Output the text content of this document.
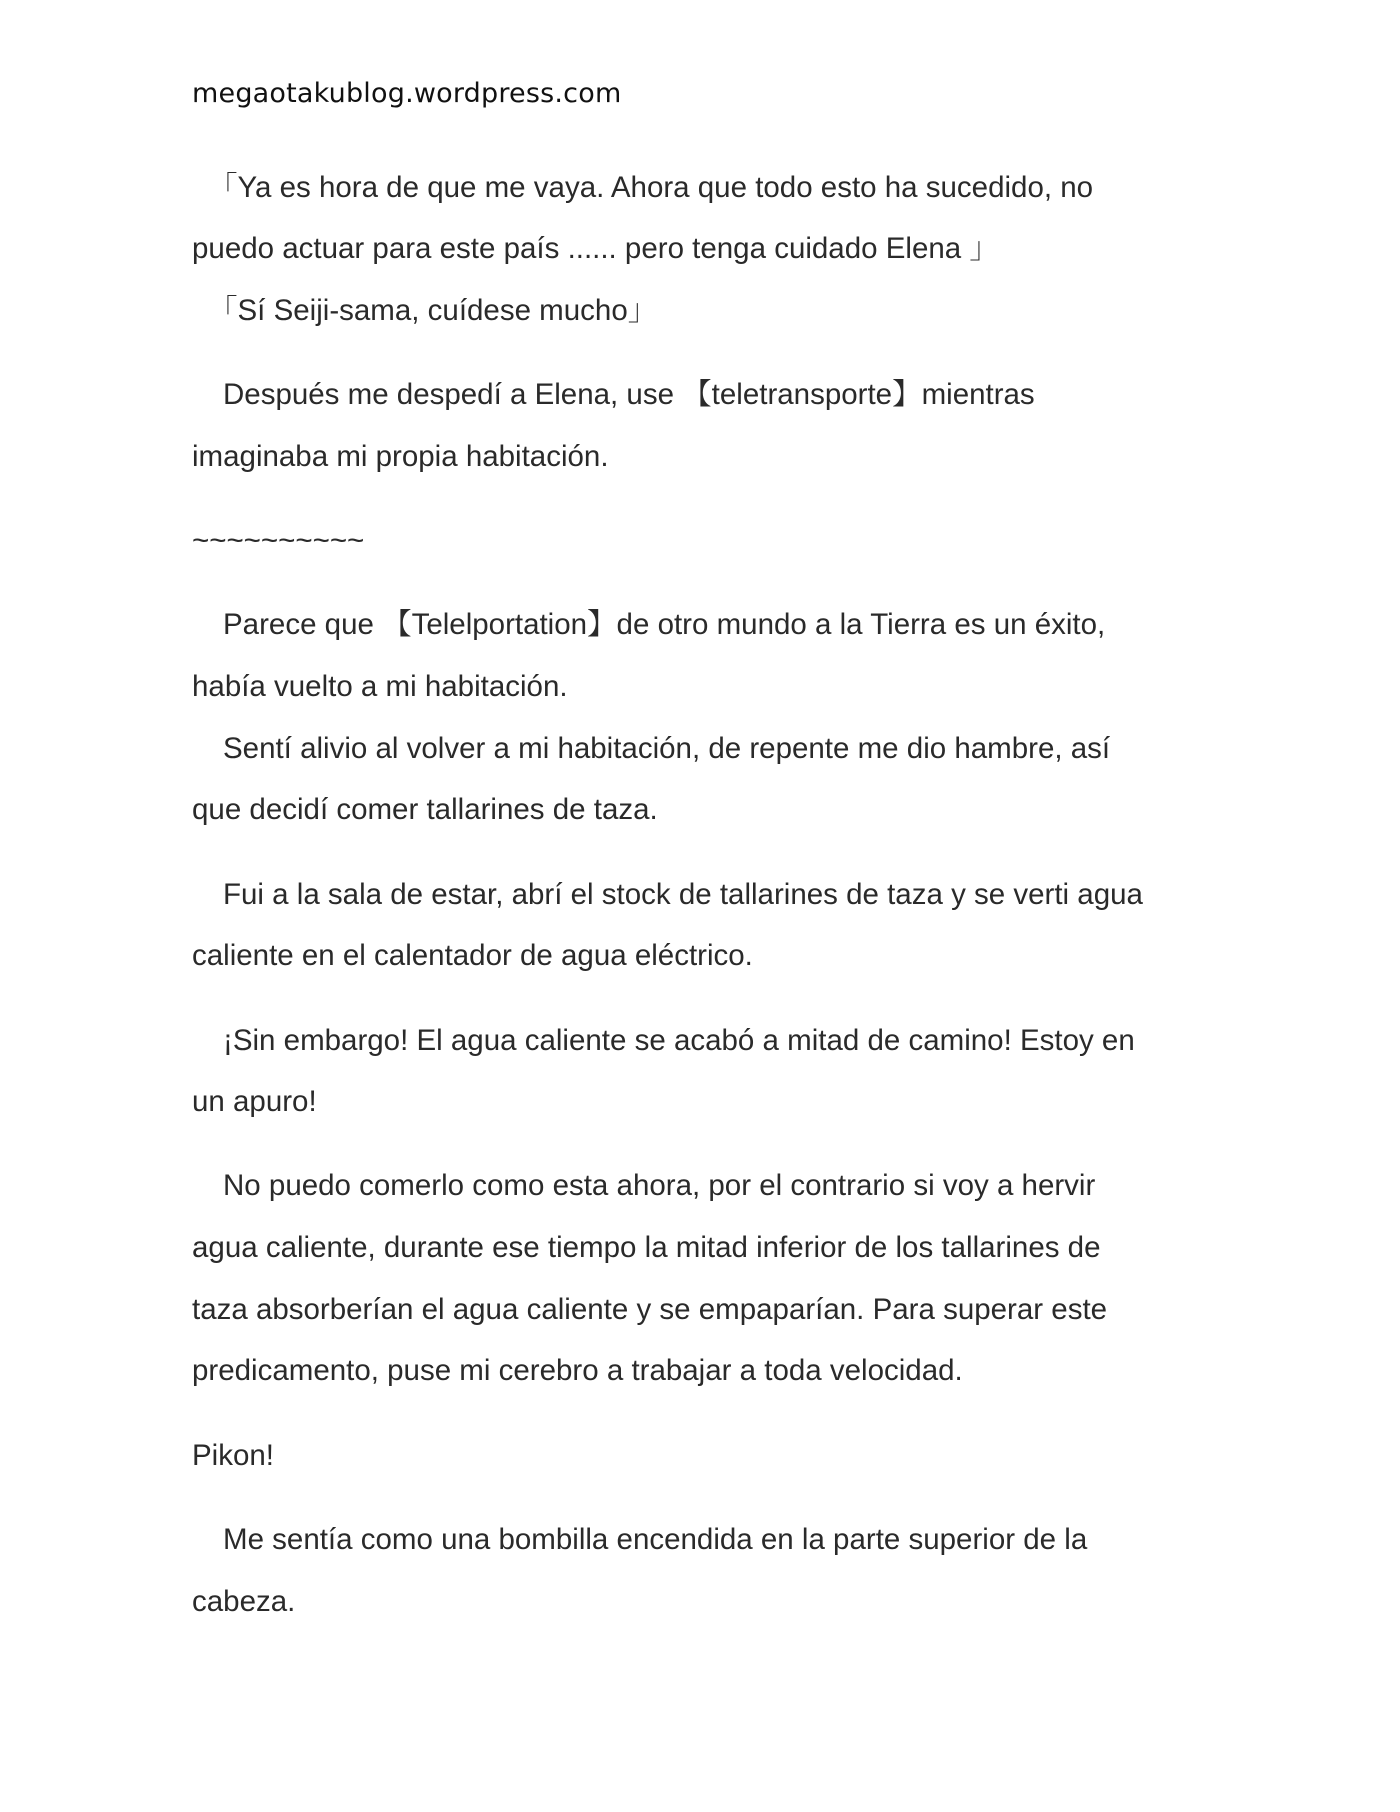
megaotakublog.wordpress.com
「Ya es hora de que me vaya. Ahora que todo esto ha sucedido, no
puedo actuar para este país ...... pero tenga cuidado Elena 」
「Sí Seiji-sama, cuídese mucho」
Después me despedí a Elena, use 【teletransporte】mientras
imaginaba mi propia habitación.
~~~~~~~~~~
Parece que 【Telelportation】de otro mundo a la Tierra es un éxito,
había vuelto a mi habitación.
Sentí alivio al volver a mi habitación, de repente me dio hambre, así
que decidí comer tallarines de taza.
Fui a la sala de estar, abrí el stock de tallarines de taza y se verti agua
caliente en el calentador de agua eléctrico.
¡Sin embargo! El agua caliente se acabó a mitad de camino! Estoy en
un apuro!
No puedo comerlo como esta ahora, por el contrario si voy a hervir
agua caliente, durante ese tiempo la mitad inferior de los tallarines de
taza absorberían el agua caliente y se empaparían. Para superar este
predicamento, puse mi cerebro a trabajar a toda velocidad.
Pikon!
Me sentía como una bombilla encendida en la parte superior de la
cabeza.
